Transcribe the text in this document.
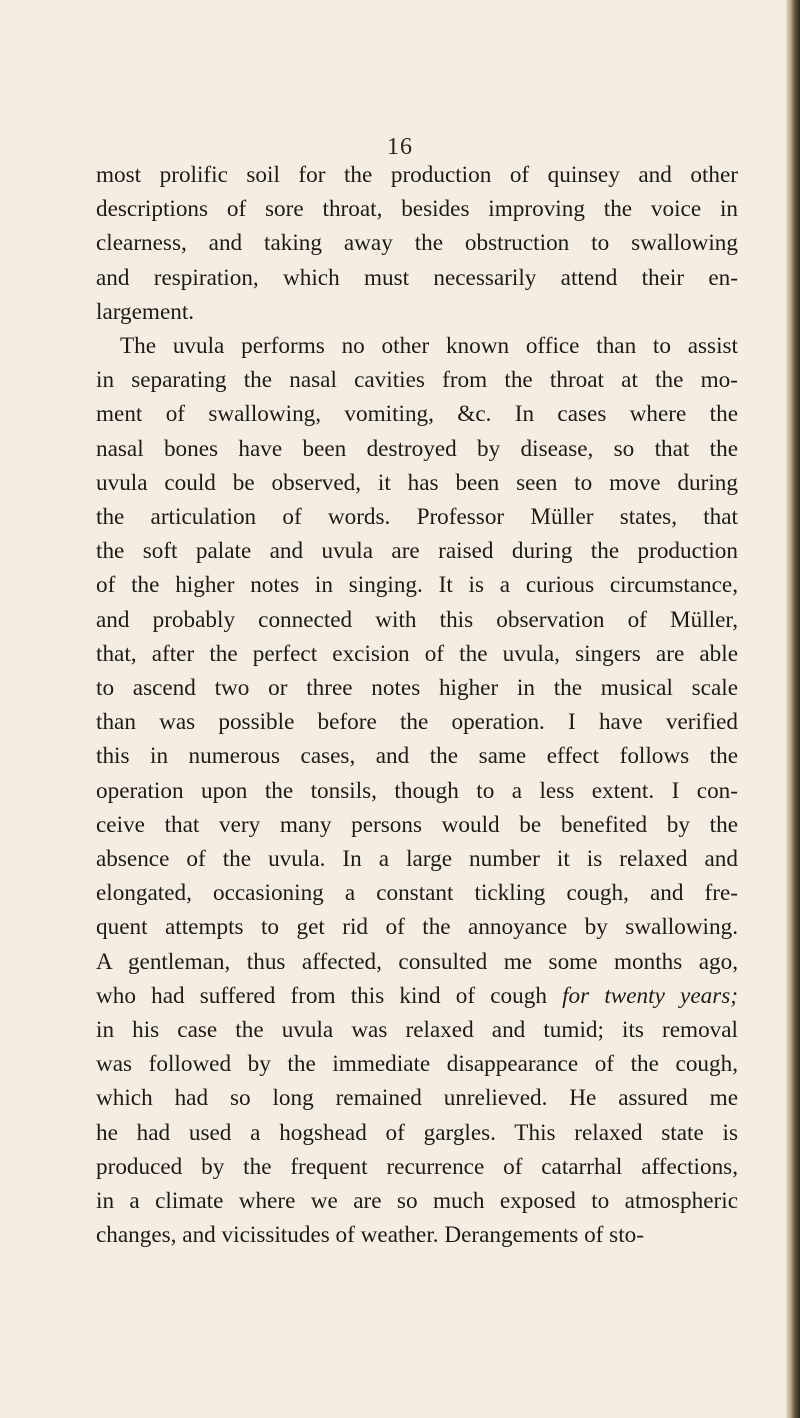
16
most prolific soil for the production of quinsey and other
descriptions of sore throat, besides improving the voice in
clearness, and taking away the obstruction to swallowing
and respiration, which must necessarily attend their en-
largement.
The uvula performs no other known office than to assist
in separating the nasal cavities from the throat at the mo-
ment of swallowing, vomiting, &c. In cases where the
nasal bones have been destroyed by disease, so that the
uvula could be observed, it has been seen to move during
the articulation of words. Professor Müller states, that
the soft palate and uvula are raised during the production
of the higher notes in singing. It is a curious circumstance,
and probably connected with this observation of Müller,
that, after the perfect excision of the uvula, singers are able
to ascend two or three notes higher in the musical scale
than was possible before the operation. I have verified
this in numerous cases, and the same effect follows the
operation upon the tonsils, though to a less extent. I con-
ceive that very many persons would be benefited by the
absence of the uvula. In a large number it is relaxed and
elongated, occasioning a constant tickling cough, and fre-
quent attempts to get rid of the annoyance by swallowing.
A gentleman, thus affected, consulted me some months ago,
who had suffered from this kind of cough for twenty years;
in his case the uvula was relaxed and tumid; its removal
was followed by the immediate disappearance of the cough,
which had so long remained unrelieved. He assured me
he had used a hogshead of gargles. This relaxed state is
produced by the frequent recurrence of catarrhal affections,
in a climate where we are so much exposed to atmospheric
changes, and vicissitudes of weather. Derangements of sto-
